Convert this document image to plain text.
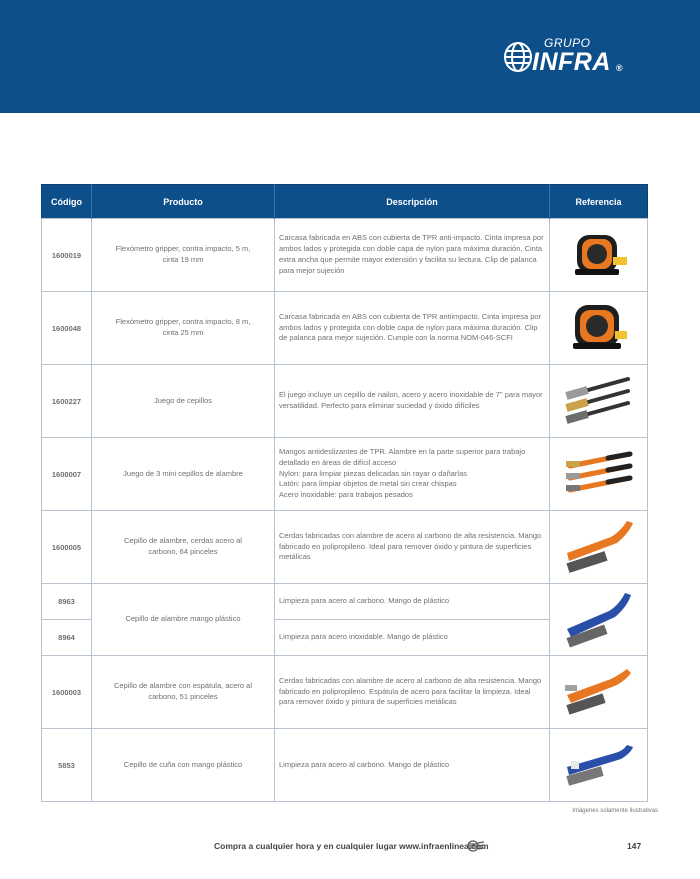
GRUPO
INFRA ®
Código	Producto	Descripción	Referencia
1600019	Flexómetro gripper, contra impacto, 5 m, cinta 19 mm	Carcasa fabricada en ABS con cubierta de TPR anti-impacto. Cinta impresa por ambos lados y protegida con doble capa de nylon para máxima duración. Cinta extra ancha que permite mayor extensión y facilita su lectura. Clip de palanca para mejor sujeción	

1600048	Flexómetro gripper, contra impacto, 8 m, cinta 25 mm	Carcasa fabricada en ABS con cubierta de TPR antiimpacto. Cinta impresa por ambos lados y protegida con doble capa de nylon para máxima duración. Clip de palanca para mejor sujeción. Cumple con la norma NOM-046-SCFI	

1600227	Juego de cepillos	El juego incluye un cepillo de nailon, acero y acero inoxidable de 7" para mayor versatilidad. Perfecto para eliminar suciedad y óxido difíciles	

1600007	Juego de 3 mini cepillos de alambre	Mangos antideslizantes de TPR. Alambre en la parte superior para trabajo detallado en áreas de difícil acceso
Nylon: para limpiar piezas delicadas sin rayar o dañarlas
Latón: para limpiar objetos de metal sin crear chispas
Acero inoxidable: para trabajos pesados

1600005	Cepillo de alambre, cerdas acero al carbono, 64 pinceles	Cerdas fabricadas con alambre de acero al carbono de alta resistencia. Mango fabricado en polipropileno. Ideal para remover óxido y pintura de superficies metálicas	

8963	Cepillo de alambre mango plástico	Limpieza para acero al carbono. Mango de plástico	

8964		Limpieza para acero inoxidable. Mango de plástico	
1600003	Cepillo de alambre con espátula, acero al carbono, 51 pinceles	Cerdas fabricadas con alambre de acero al carbono de alta resistencia. Mango fabricado en polipropileno. Espátula de acero para facilitar la limpieza. Ideal para remover óxido y pintura de superficies metálicas	

5853	Cepillo de cuña con mango plástico	Limpieza para acero al carbono. Mango de plástico	
Imágenes solamente ilustrativas
Compra a cualquier hora y en cualquier lugar www.infraenlinea.com	147
